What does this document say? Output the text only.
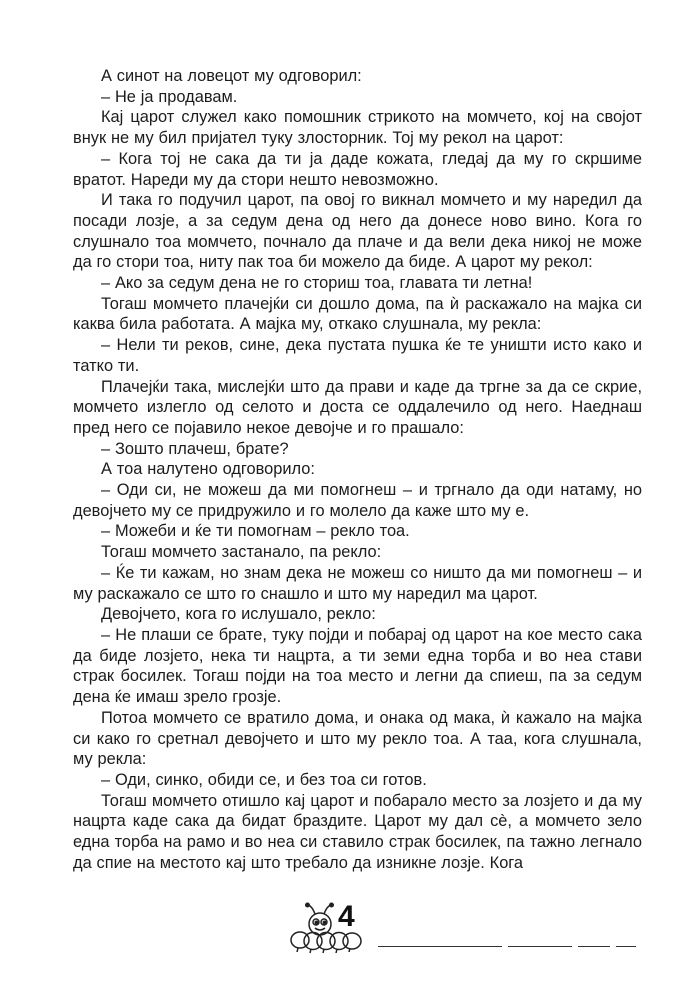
А синот на ловецот му одговорил:

– Не ја продавам.

Кај царот служел како помошник стрикото на момчето, кој на својот внук не му бил пријател туку злосторник. Тој му рекол на царот:

– Кога тој не сака да ти ја даде кожата, гледај да му го скршиме вратот. Нареди му да стори нешто невозможно.

И така го подучил царот, па овој го викнал момчето и му наредил да посади лозје, а за седум дена од него да донесе ново вино. Кога го слушнало тоа момчето, почнало да плаче и да вели дека никој не може да го стори тоа, ниту пак тоа би можело да биде. А царот му рекол:

– Ако за седум дена не го сториш тоа, главата ти летна!

Тогаш момчето плачејќи си дошло дома, па ѝ раскажало на мајка си каква била работата. А мајка му, откако слушнала, му рекла:

– Нели ти реков, сине, дека пустата пушка ќе те уништи исто како и татко ти.

Плачејќи така, мислејќи што да прави и каде да тргне за да се скрие, момчето излегло од селото и доста се оддалечило од него. Наеднаш пред него се појавило некое девојче и го прашало:

– Зошто плачеш, брате?

А тоа налутено одговорило:

– Оди си, не можеш да ми помогнеш – и тргнало да оди натаму, но девојчето му се придружило и го молело да каже што му е.

– Можеби и ќе ти помогнам – рекло тоа.

Тогаш момчето застанало, па рекло:

– Ќе ти кажам, но знам дека не можеш со ништо да ми помогнеш – и му раскажало се што го снашло и што му наредил ма царот.

Девојчето, кога го ислушало, рекло:

– Не плаши се брате, туку појди и побарај од царот на кое место сака да биде лозјето, нека ти нацрта, а ти земи една торба и во неа стави страк босилек. Тогаш појди на тоа место и легни да спиеш, па за седум дена ќе имаш зрело грозје.

Потоа момчето се вратило дома, и онака од мака, ѝ кажало на мајка си како го сретнал девојчето и што му рекло тоа. А таа, кога слушнала, му рекла:

– Оди, синко, обиди се, и без тоа си готов.

Тогаш момчето отишло кај царот и побарало место за лозјето и да му нацрта каде сака да бидат браздите. Царот му дал сè, а момчето зело една торба на рамо и во неа си ставило страк босилек, па тажно легнало да спие на местото кај што требало да изникне лозје. Кога

4
